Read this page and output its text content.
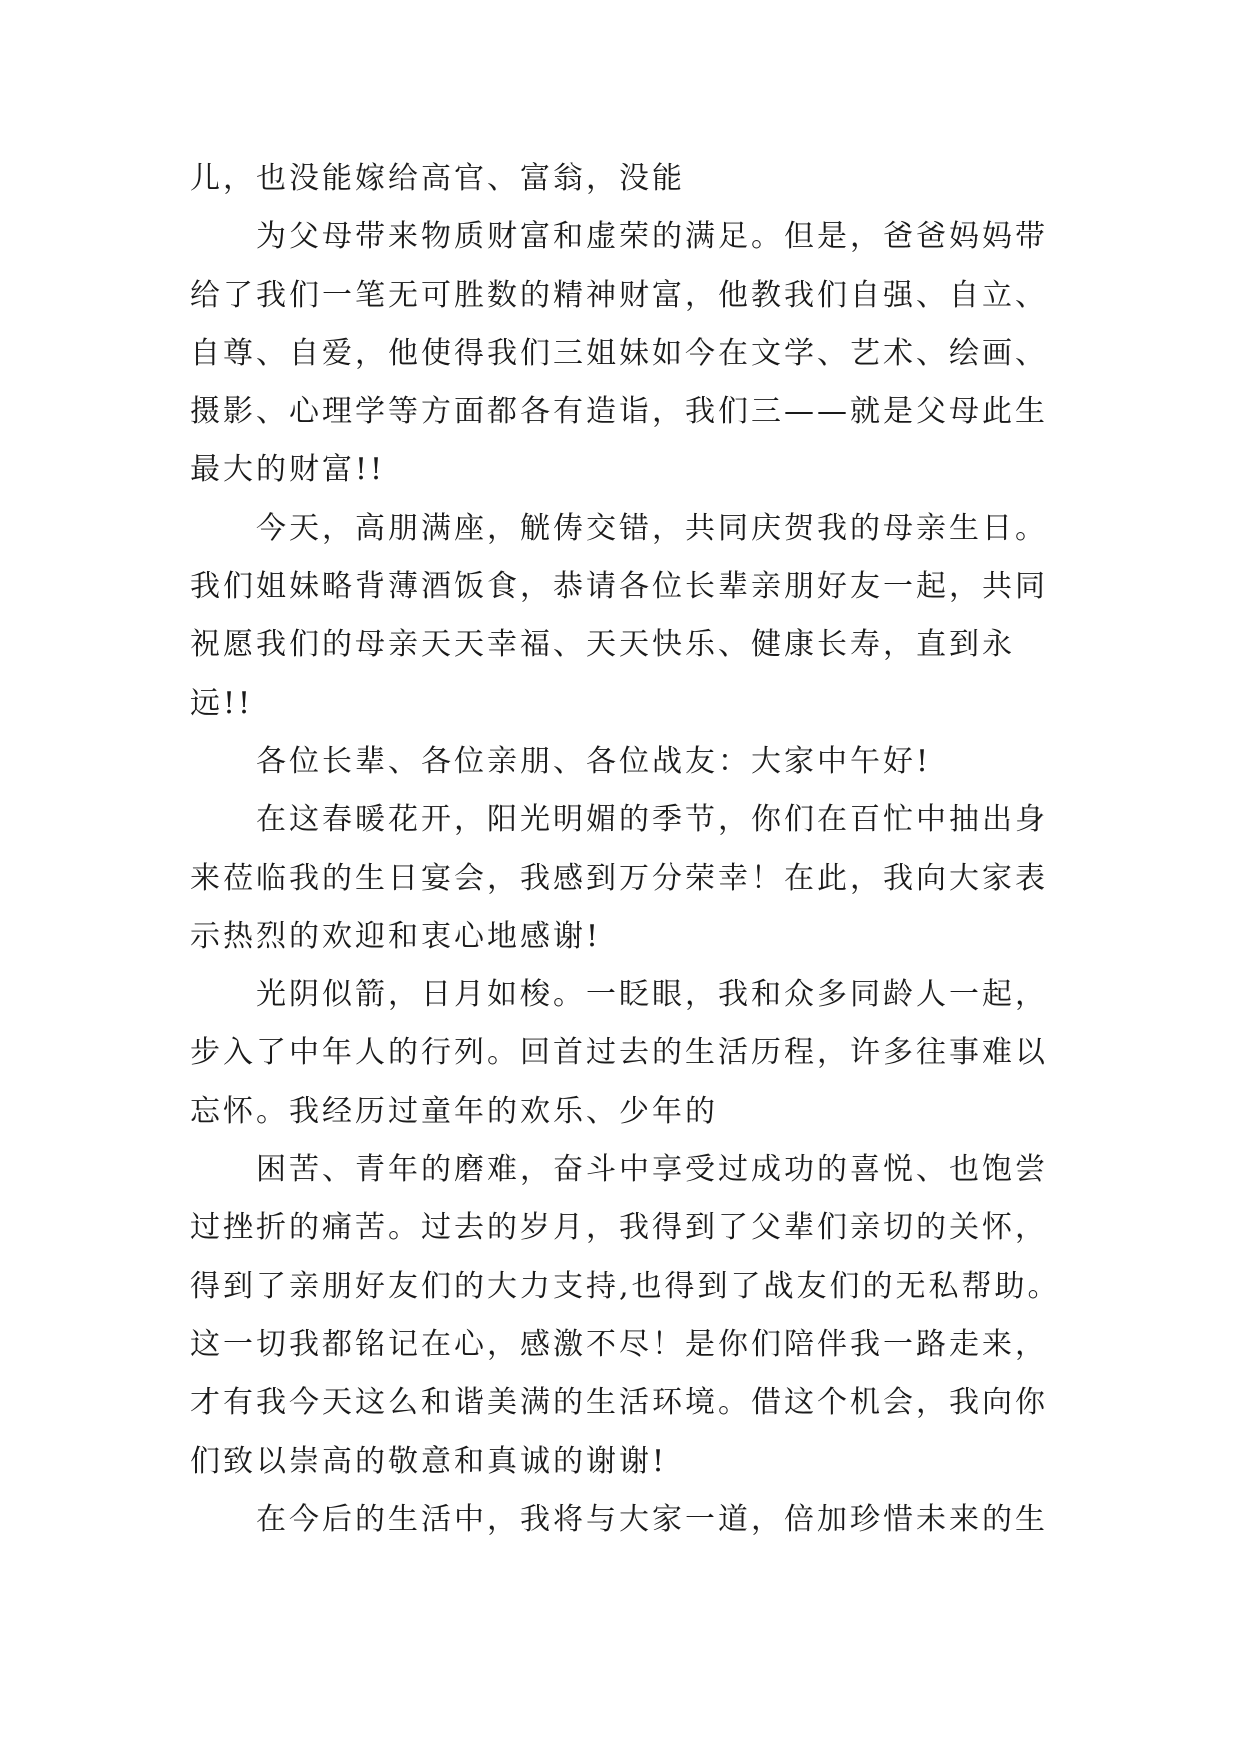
儿，也没能嫁给高官、富翁，没能
为父母带来物质财富和虚荣的满足。但是，爸爸妈妈带
给了我们一笔无可胜数的精神财富，他教我们自强、自立、
自尊、自爱，他使得我们三姐妹如今在文学、艺术、绘画、
摄影、心理学等方面都各有造诣，我们三——就是父母此生
最大的财富!!
今天，高朋满座，觥俦交错，共同庆贺我的母亲生日。
我们姐妹略背薄酒饭食，恭请各位长辈亲朋好友一起，共同
祝愿我们的母亲天天幸福、天天快乐、健康长寿，直到永
远!!
各位长辈、各位亲朋、各位战友：大家中午好!
在这春暖花开，阳光明媚的季节，你们在百忙中抽出身
来莅临我的生日宴会，我感到万分荣幸！在此，我向大家表
示热烈的欢迎和衷心地感谢!
光阴似箭，日月如梭。一眨眼，我和众多同龄人一起，
步入了中年人的行列。回首过去的生活历程，许多往事难以
忘怀。我经历过童年的欢乐、少年的
困苦、青年的磨难，奋斗中享受过成功的喜悦、也饱尝
过挫折的痛苦。过去的岁月，我得到了父辈们亲切的关怀，
得到了亲朋好友们的大力支持,也得到了战友们的无私帮助。
这一切我都铭记在心，感激不尽！是你们陪伴我一路走来，
才有我今天这么和谐美满的生活环境。借这个机会，我向你
们致以崇高的敬意和真诚的谢谢!
在今后的生活中，我将与大家一道，倍加珍惜未来的生
